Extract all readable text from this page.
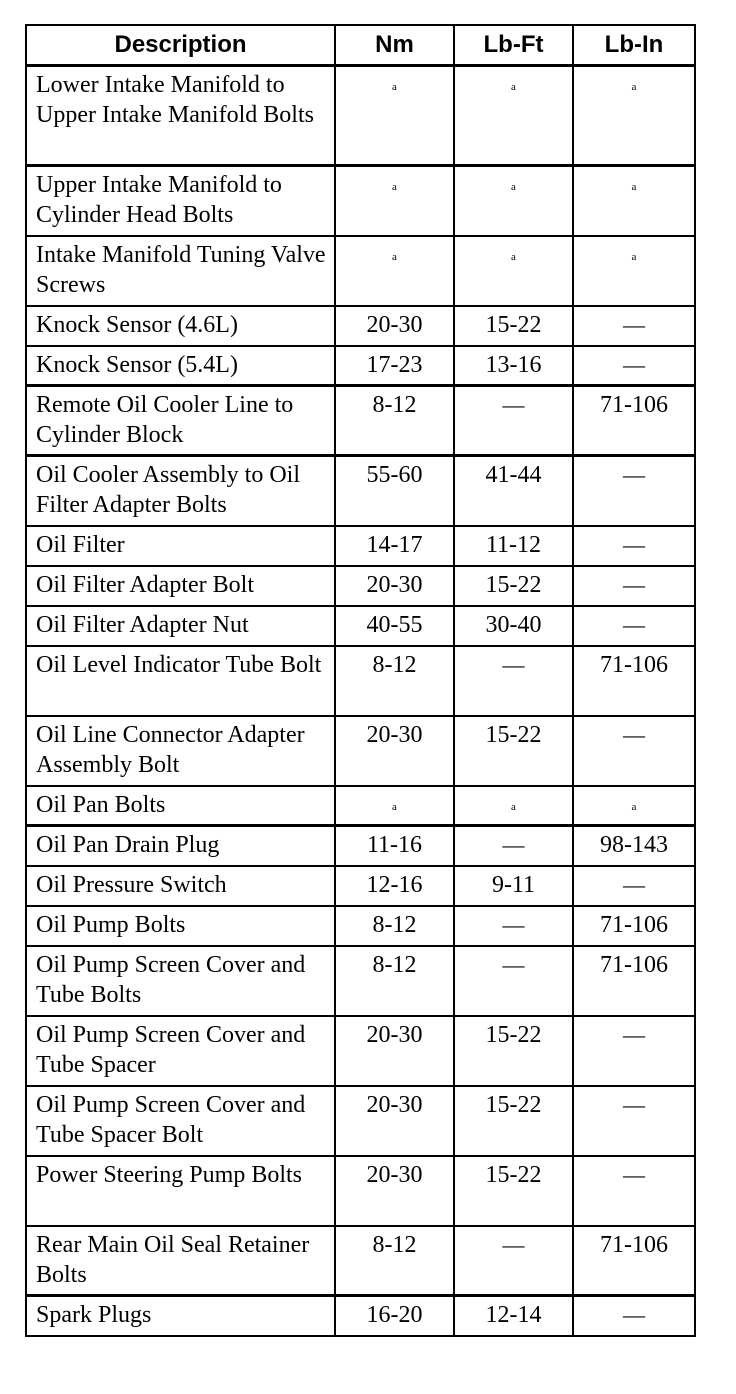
Description	Nm	Lb-Ft	Lb-In
Lower Intake Manifold to Upper Intake Manifold Bolts	a	a	a
Upper Intake Manifold to Cylinder Head Bolts	a	a	a
Intake Manifold Tuning Valve Screws	a	a	a
Knock Sensor (4.6L)	20-30	15-22	—
Knock Sensor (5.4L)	17-23	13-16	—
Remote Oil Cooler Line to Cylinder Block	8-12	—	71-106
Oil Cooler Assembly to Oil Filter Adapter Bolts	55-60	41-44	—
Oil Filter	14-17	11-12	—
Oil Filter Adapter Bolt	20-30	15-22	—
Oil Filter Adapter Nut	40-55	30-40	—
Oil Level Indicator Tube Bolt	8-12	—	71-106
Oil Line Connector Adapter Assembly Bolt	20-30	15-22	—
Oil Pan Bolts	a	a	a
Oil Pan Drain Plug	11-16	—	98-143
Oil Pressure Switch	12-16	9-11	—
Oil Pump Bolts	8-12	—	71-106
Oil Pump Screen Cover and Tube Bolts	8-12	—	71-106
Oil Pump Screen Cover and Tube Spacer	20-30	15-22	—
Oil Pump Screen Cover and Tube Spacer Bolt	20-30	15-22	—
Power Steering Pump Bolts	20-30	15-22	—
Rear Main Oil Seal Retainer Bolts	8-12	—	71-106
Spark Plugs	16-20	12-14	—
